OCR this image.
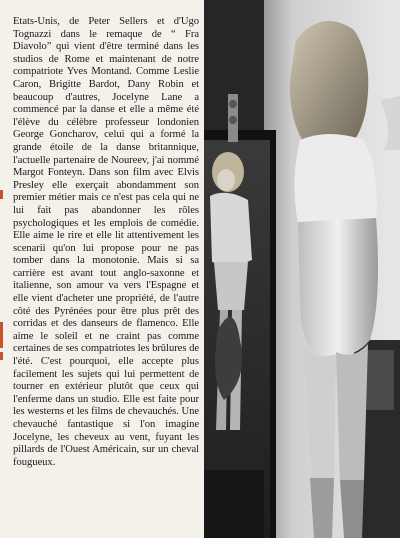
Etats-Unis, de Peter Sellers et d'Ugo Tognazzi dans le remaque de “ Fra Diavolo” qui vient d'être terminé dans les studios de Rome et maintenant de notre compatriote Yves Montand. Comme Leslie Caron, Brigitte Bardot, Dany Robin et beaucoup d'autres, Jocelyne Lane a commencé par la danse et elle a même été l'élève du célèbre professeur londonien George Goncharov, celui qui a formé la grande étoile de la danse britannique, l'actuelle partenaire de Noureev, j'ai nommé Margot Fonteyn. Dans son film avec Elvis Presley elle exerçait abondamment son premier métier mais ce n'est pas cela qui ne lui fait pas abandonner les rôles psychologiques et les emplois de comédie. Elle aime le rire et elle lit attentivement les scenarii qu'on lui propose pour ne pas tomber dans la monotonie. Mais si sa carrière est avant tout anglo-saxonne et italienne, son amour va vers l'Espagne et elle vient d'acheter une propriété, de l'autre côté des Pyrénées pour être plus prêt des corridas et des danseurs de flamenco. Elle aime le soleil et ne craint pas comme certaines de ses compatriotes les brûlures de l'été. C'est pourquoi, elle accepte plus facilement les sujets qui lui permettent de tourner en extérieur plutôt que ceux qui l'enferme dans un studio. Elle est faite pour les westerns et les films de chevauchés. Une chevauché fantastique si l'on imagine Jocelyne, les cheveux au vent, fuyant les pillards de l'Ouest Américain, sur un cheval fougueux.
